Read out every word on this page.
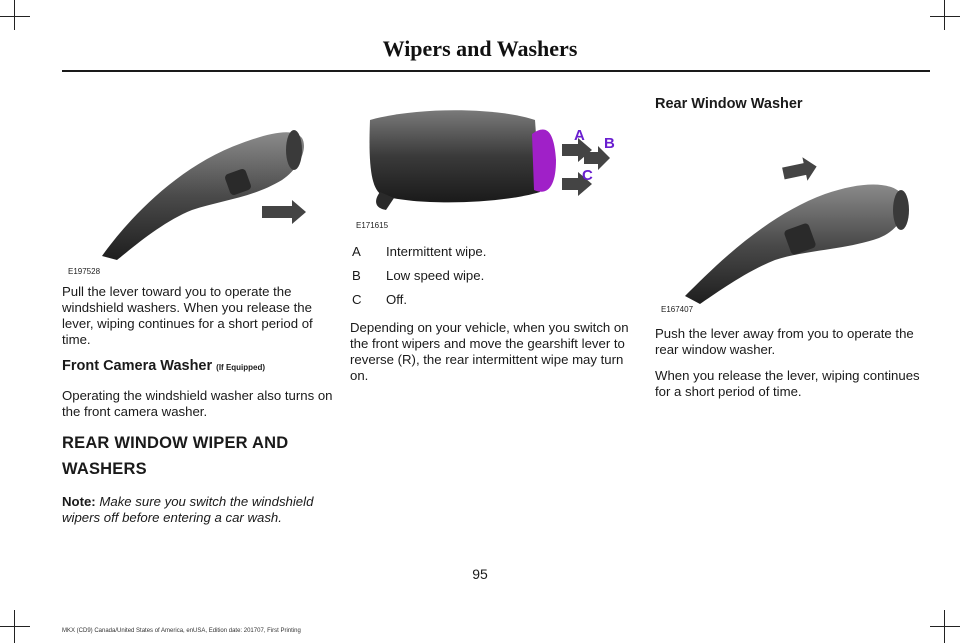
Wipers and Washers
E197528

Pull the lever toward you to operate the windshield washers. When you release the lever, wiping continues for a short period of time.

Front Camera Washer (If Equipped)

Operating the windshield washer also turns on the front camera washer.

REAR WINDOW WIPER AND WASHERS

Note: Make sure you switch the windshield wipers off before entering a car wash.

A B
C
E171615
A	Intermittent wipe.
B	Low speed wipe.
C	Off.

Depending on your vehicle, when you switch on the front wipers and move the gearshift lever to reverse (R), the rear intermittent wipe may turn on.

Rear Window Washer
E167407

Push the lever away from you to operate the rear window washer.

When you release the lever, wiping continues for a short period of time.

95
MKX (CD9) Canada/United States of America, enUSA, Edition date: 201707, First Printing
